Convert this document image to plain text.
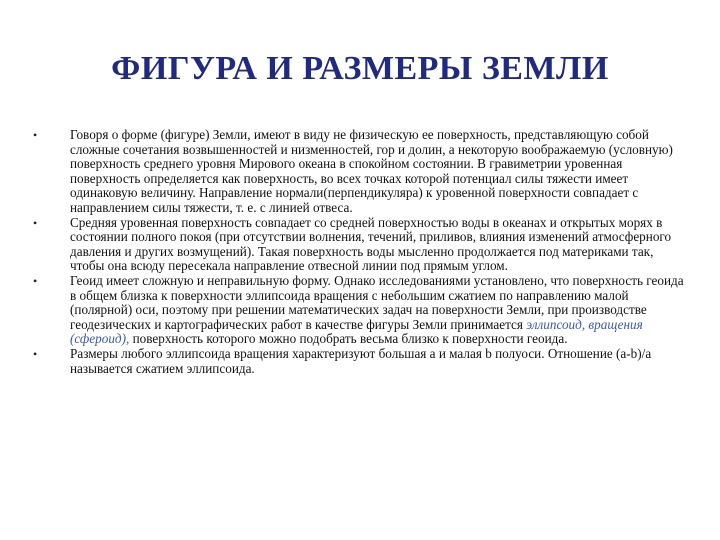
ФИГУРА И РАЗМЕРЫ ЗЕМЛИ
•	Говоря о форме (фигуре) Земли, имеют в виду не физическую ее поверхность, представляющую собой сложные сочетания возвышенностей и низменностей, гор и долин, а некоторую воображаемую (условную) поверхность среднего уровня Мирового океана в спокойном состоянии. В гравиметрии уровенная поверхность определяется как поверхность, во всех точках которой потенциал силы тяжести имеет одинаковую величину. Направление нормали(перпендикуляра) к уровенной поверхности совпадает с направлением силы тяжести, т. е. с линией отвеса.
•	Средняя уровенная поверхность совпадает со средней поверхностью воды в океанах и открытых морях в состоянии полного покоя (при отсутствии волнения, течений, приливов, влияния изменений атмосферного давления и других возмущений). Такая поверхность воды мысленно продолжается под материками так, чтобы она всюду пересекала направление отвесной линии под прямым углом.
•	Геоид имеет сложную и неправильную форму. Однако исследованиями установлено, что поверхность геоида в общем близка к поверхности эллипсоида вращения с небольшим сжатием по направлению малой (полярной) оси, поэтому при решении математических задач на поверхности Земли, при производстве геодезических и картографических работ в качестве фигуры Земли принимается эллипсоид, вращения (сфероид), поверхность которого можно подобрать весьма близко к поверхности геоида.
•	Размеры любого эллипсоида вращения характеризуют большая a и малая b полуоси. Отношение (a-b)/a называется сжатием эллипсоида.
